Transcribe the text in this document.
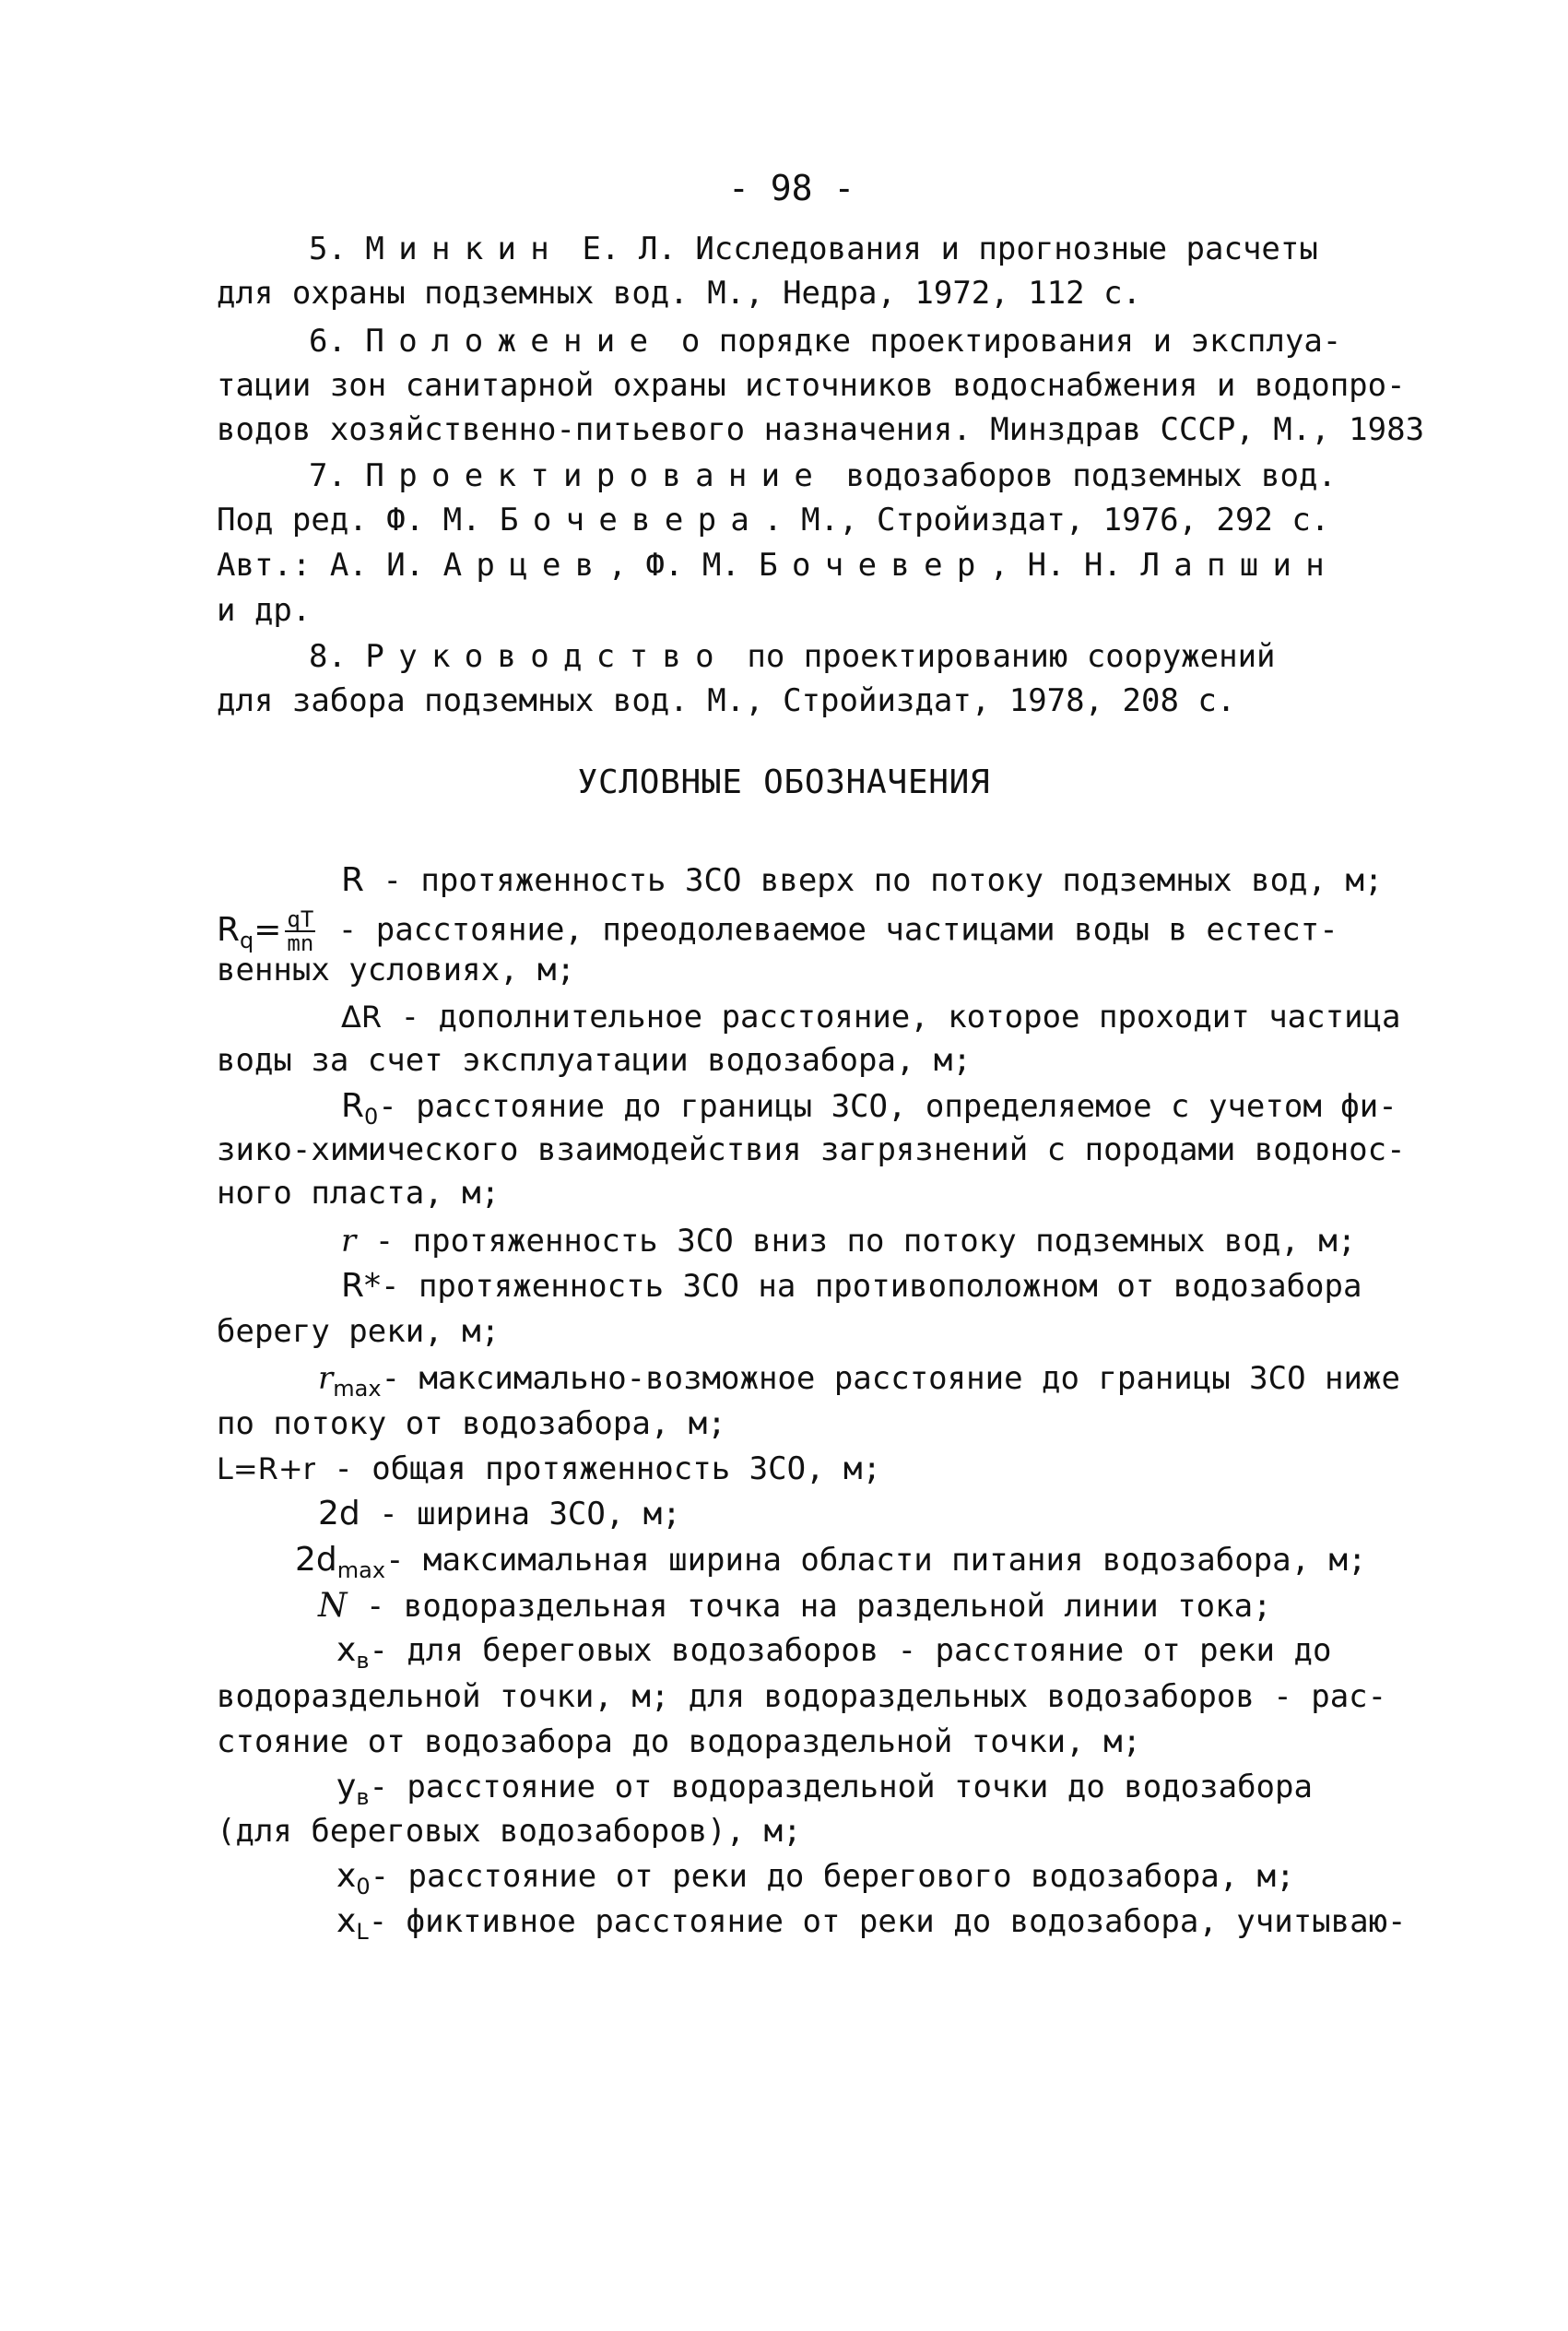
- 98 -
5. Минкин Е. Л. Исследования и прогнозные расчеты
для охраны подземных вод. М., Недра, 1972, 112 с.
6. Положение о порядке проектирования и эксплуа-
тации зон санитарной охраны источников водоснабжения и водопро-
водов хозяйственно-питьевого назначения. Минздрав СССР, М., 1983
7. Проектирование водозаборов подземных вод.
Под ред. Ф. М. Бочевера. М., Стройиздат, 1976, 292 с.
Авт.: А. И. Арцев, Ф. М. Бочевер, Н. Н. Лапшин
и др.
8. Руководство по проектированию сооружений
для забора подземных вод. М., Стройиздат, 1978, 208 с.
УСЛОВНЫЕ ОБОЗНАЧЕНИЯ
R - протяженность ЗСО вверх по потоку подземных вод, м;
$R_q= \frac{qT}{mn}$ - расстояние, преодолеваемое частицами воды в естест-
венных условиях, м;
ΔR - дополнительное расстояние, которое проходит частица
воды за счет эксплуатации водозабора, м;
$R_0-$ расстояние до границы ЗСО, определяемое с учетом фи-
зико-химического взаимодействия загрязнений с породами водонос-
ного пласта, м;
r - протяженность ЗСО вниз по потоку подземных вод, м;
R*- протяженность ЗСО на противоположном от водозабора
берегу реки, м;
$r_{max}-$ максимально-возможное расстояние до границы ЗСО ниже
по потоку от водозабора, м;
L=R+r - общая протяженность ЗСО, м;
2d - ширина ЗСО, м;
$2d_{max}-$ максимальная ширина области питания водозабора, м;
N - водораздельная точка на раздельной линии тока;
$x_в-$ для береговых водозаборов - расстояние от реки до
водораздельной точки, м; для водораздельных водозаборов - рас-
стояние от водозабора до водораздельной точки, м;
$y_в-$ расстояние от водораздельной точки до водозабора
(для береговых водозаборов), м;
$x_0-$ расстояние от реки до берегового водозабора, м;
$x_L-$ фиктивное расстояние от реки до водозабора, учитываю-
